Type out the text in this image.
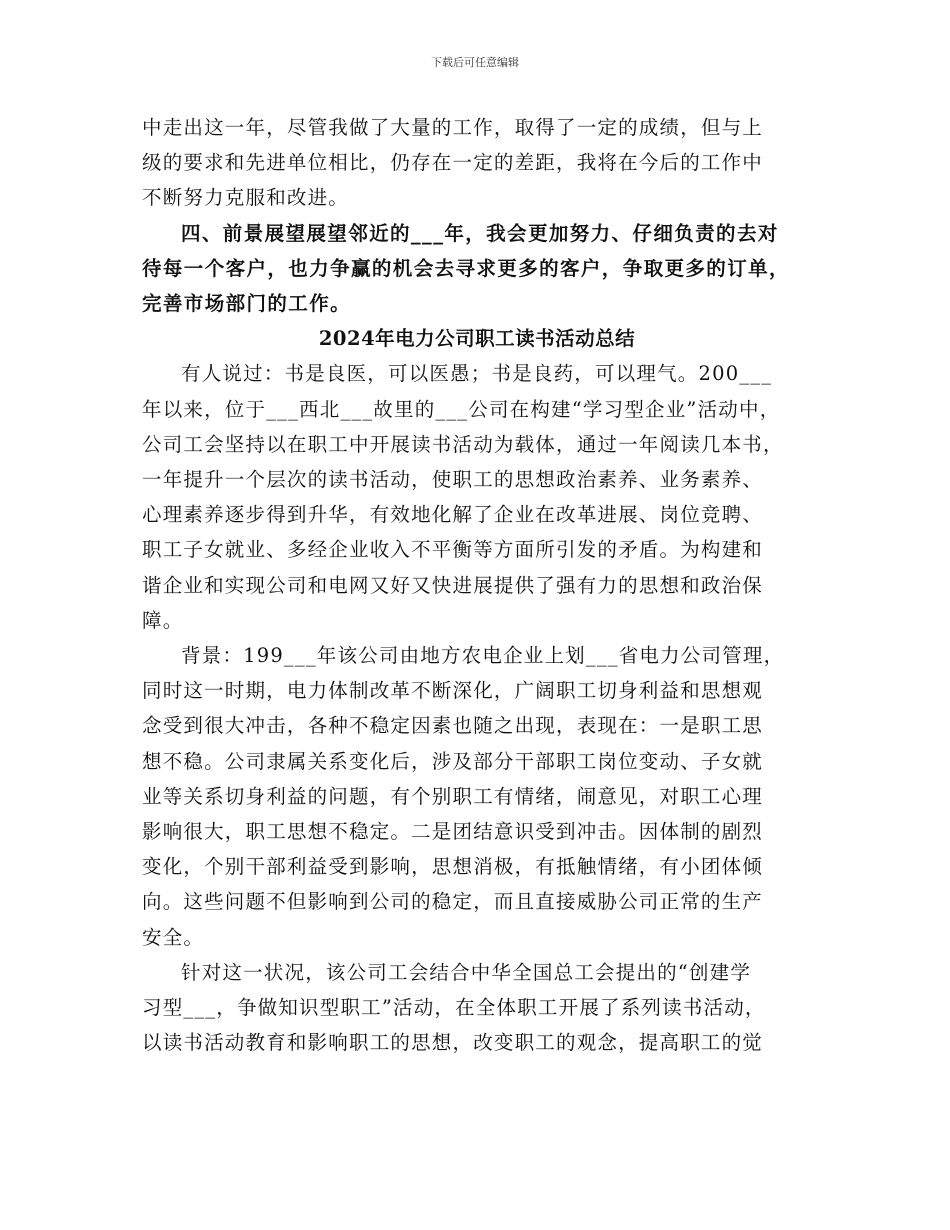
下载后可任意编辑

中走出这一年，尽管我做了大量的工作，取得了一定的成绩，但与上
级的要求和先进单位相比，仍存在一定的差距，我将在今后的工作中
不断努力克服和改进。

四、前景展望展望邻近的___年，我会更加努力、仔细负责的去对
待每一个客户，也力争赢的机会去寻求更多的客户，争取更多的订单，
完善市场部门的工作。

2024年电力公司职工读书活动总结

有人说过：书是良医，可以医愚；书是良药，可以理气。200___
年以来，位于___西北___故里的___公司在构建“学习型企业”活动中，
公司工会坚持以在职工中开展读书活动为载体，通过一年阅读几本书，
一年提升一个层次的读书活动，使职工的思想政治素养、业务素养、
心理素养逐步得到升华，有效地化解了企业在改革进展、岗位竞聘、
职工子女就业、多经企业收入不平衡等方面所引发的矛盾。为构建和
谐企业和实现公司和电网又好又快进展提供了强有力的思想和政治保
障。

背景：199___年该公司由地方农电企业上划___省电力公司管理，
同时这一时期，电力体制改革不断深化，广阔职工切身利益和思想观
念受到很大冲击，各种不稳定因素也随之出现，表现在：一是职工思
想不稳。公司隶属关系变化后，涉及部分干部职工岗位变动、子女就
业等关系切身利益的问题，有个别职工有情绪，闹意见，对职工心理
影响很大，职工思想不稳定。二是团结意识受到冲击。因体制的剧烈
变化，个别干部利益受到影响，思想消极，有抵触情绪，有小团体倾
向。这些问题不但影响到公司的稳定，而且直接威胁公司正常的生产
安全。

针对这一状况，该公司工会结合中华全国总工会提出的“创建学
习型___，争做知识型职工”活动，在全体职工开展了系列读书活动，
以读书活动教育和影响职工的思想，改变职工的观念，提高职工的觉
